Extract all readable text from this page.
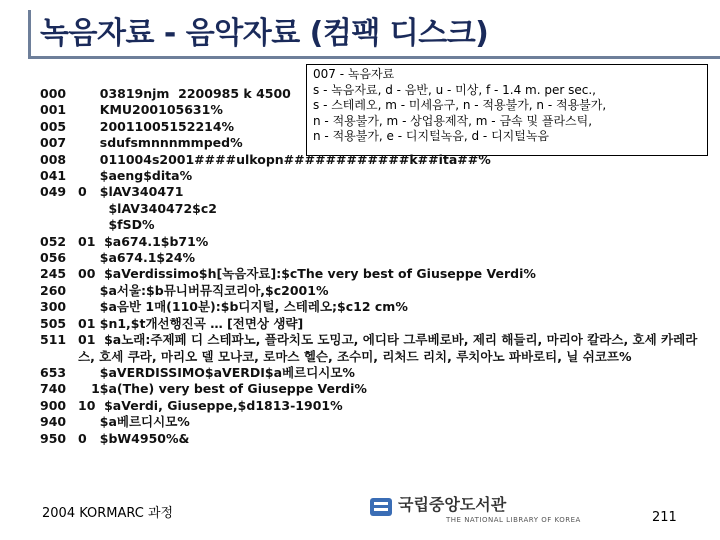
녹음자료 - 음악자료 (컴팩 디스크)
007 - 녹음자료
s - 녹음자료, d - 음반, u - 미상, f - 1.4 m. per sec.,
s - 스테레오, m - 미세음구, n - 적용불가, n - 적용불가,
n - 적용불가, m - 상업용제작, m - 금속 및 플라스틱,
n - 적용불가, e - 디지털녹음, d - 디지털녹음
000 03819njm  2200985 k 4500
001 KMU200105631%
005 20011005152214%
007 sdufsmnnnmmped%
008 011004s2001####ulkopn############k##ita##%
041 $aeng$dita%
049 0   $lAV340471
$lAV340472$c2
$fSD%
052 01  $a674.1$b71%
056 $a674.1$24%
245 00  $aVerdissimo$h[녹음자료]:$cThe very best of Giuseppe Verdi%
260 $a서울:$b뮤니버뮤직코리아,$c2001%
300 $a음반 1매(110분):$b디지털, 스테레오;$c12 cm%
505 01 $n1,$t개선행진곡 … [전면상 생략]
511 01  $a노래:주제페 디 스테파노, 플라치도 도밍고, 에디타 그루베로바, 제리 해들리, 마리아 칼라스, 호세 카레라스, 호세 쿠라, 마리오 델 모나코, 로마스 헬슨, 조수미, 리처드 리치, 루치아노 파바로티, 닐 쉬코프%
653 $aVERDISSIMO$aVERDI$a베르디시모%
740 1$a(The) very best of Giuseppe Verdi%
900 10  $aVerdi, Giuseppe,$d1813-1901%
940 $a베르디시모%
950 0   $bW4950%&
2004 KORMARC 과정	국립중앙도서관
THE NATIONAL LIBRARY OF KOREA	211
